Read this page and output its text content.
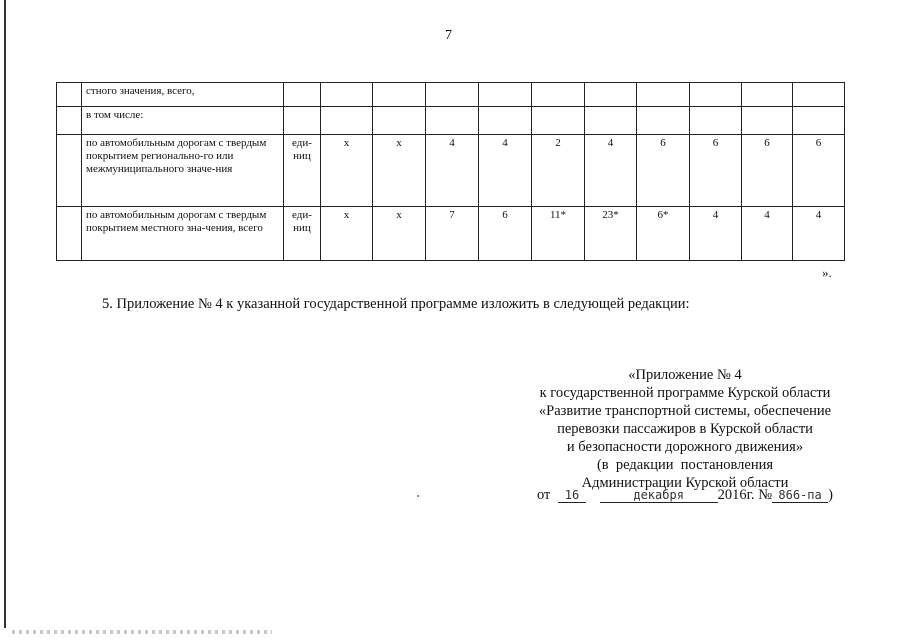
7
	стного значения, всего,											
	в том числе:											
	по автомобильным дорогам с твердым покрытием регионально-го или межмуниципального значе-ния	еди-ниц	х	х	4	4	2	4	6	6	6	6
	по автомобильным дорогам с твердым покрытием местного зна-чения, всего	еди-ниц	х	х	7	6	11*	23*	6*	4	4	4
».
5. Приложение № 4 к указанной государственной программе изложить в следующей редакции:
«Приложение № 4
к государственной программе Курской области
«Развитие транспортной системы, обеспечение
перевозки пассажиров в Курской области
и безопасности дорожного движения»
(в  редакции  постановления
Администрации Курской области
от 16	декабря 2016г. № 866-па )
